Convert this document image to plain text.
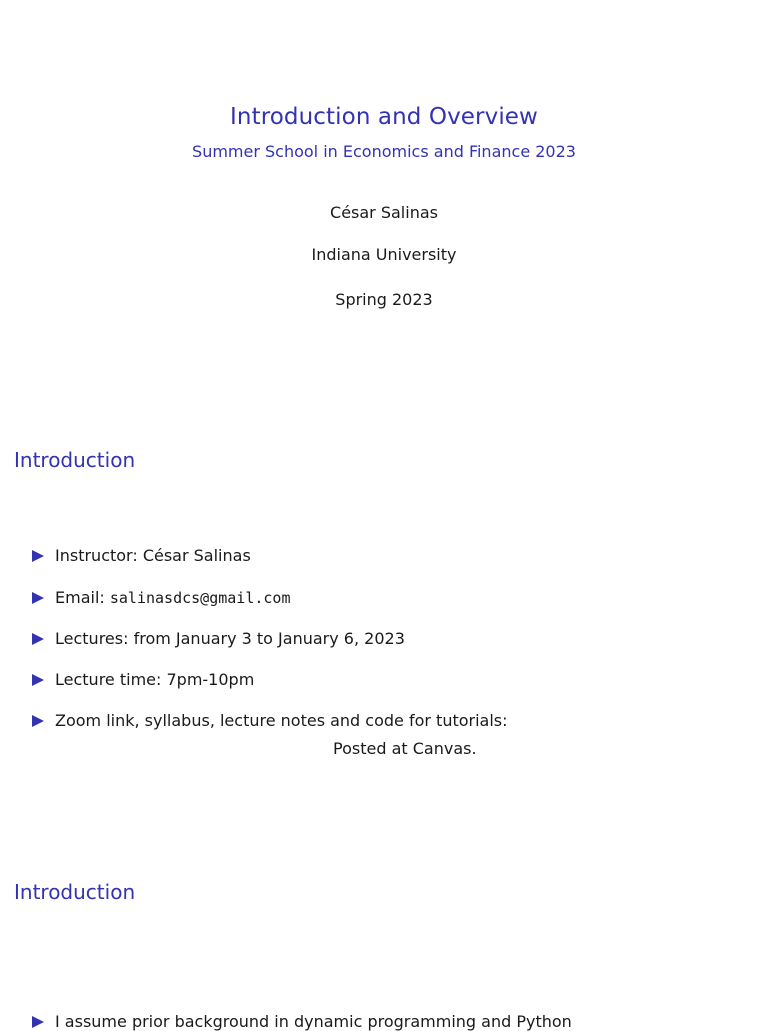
Introduction and Overview
Summer School in Economics and Finance 2023
César Salinas
Indiana University
Spring 2023
Introduction
Instructor: César Salinas
Email: salinasdcs@gmail.com
Lectures: from January 3 to January 6, 2023
Lecture time: 7pm-10pm
Zoom link, syllabus, lecture notes and code for tutorials:
Posted at Canvas.
Introduction
I assume prior background in dynamic programming and Python
